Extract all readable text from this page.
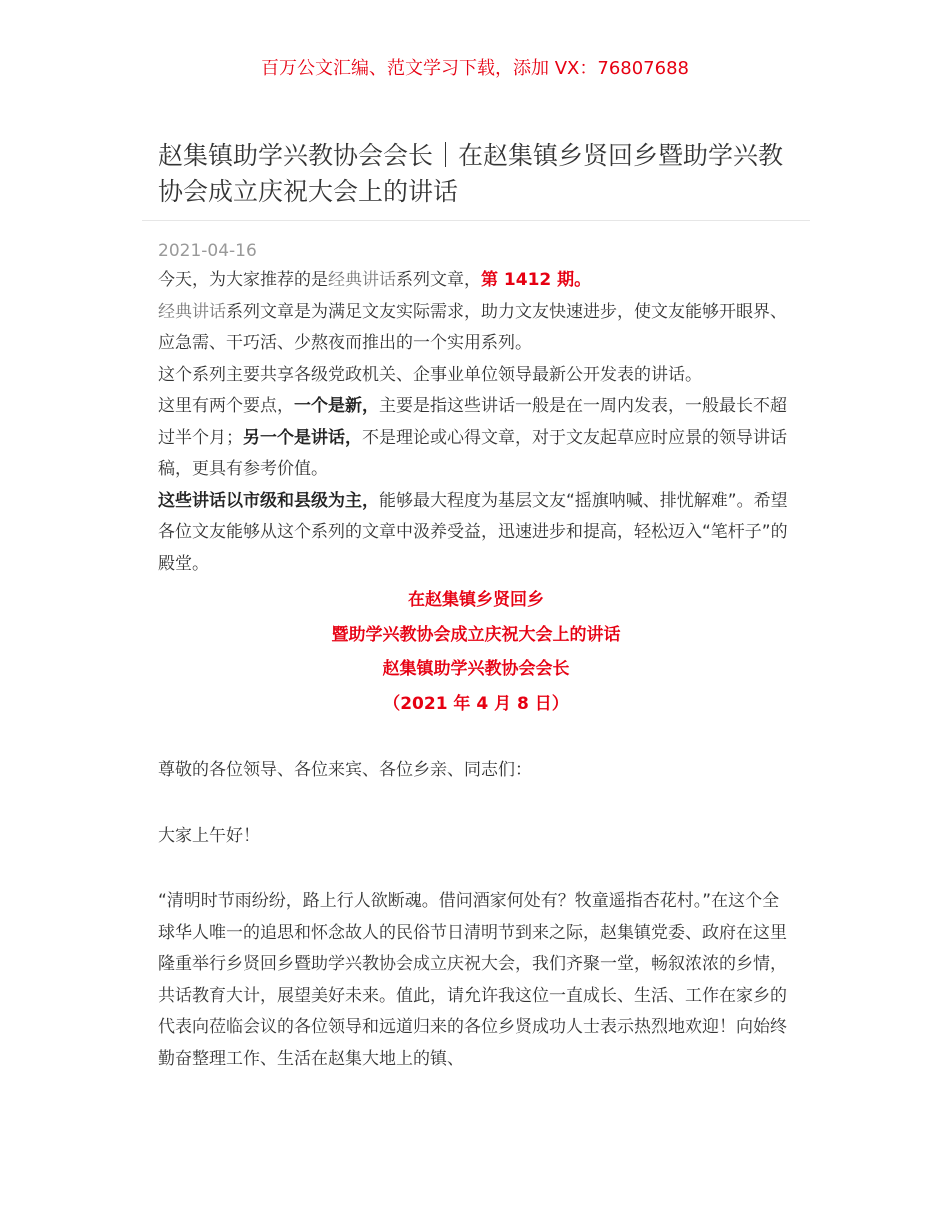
百万公文汇编、范文学习下载，添加 VX：76807688
赵集镇助学兴教协会会长｜在赵集镇乡贤回乡暨助学兴教协会成立庆祝大会上的讲话
2021-04-16

今天，为大家推荐的是经典讲话系列文章，第 1412 期。

经典讲话系列文章是为满足文友实际需求，助力文友快速进步，使文友能够开眼界、应急需、干巧活、少熬夜而推出的一个实用系列。

这个系列主要共享各级党政机关、企事业单位领导最新公开发表的讲话。

这里有两个要点，一个是新，主要是指这些讲话一般是在一周内发表，一般最长不超过半个月；另一个是讲话，不是理论或心得文章，对于文友起草应时应景的领导讲话稿，更具有参考价值。

这些讲话以市级和县级为主，能够最大程度为基层文友“摇旗呐喊、排忧解难”。希望各位文友能够从这个系列的文章中汲养受益，迅速进步和提高，轻松迈入“笔杆子”的殿堂。

在赵集镇乡贤回乡

暨助学兴教协会成立庆祝大会上的讲话

赵集镇助学兴教协会会长

（2021 年 4 月 8 日）

尊敬的各位领导、各位来宾、各位乡亲、同志们：

大家上午好！

“清明时节雨纷纷，路上行人欲断魂。借问酒家何处有？牧童遥指杏花村。”在这个全球华人唯一的追思和怀念故人的民俗节日清明节到来之际，赵集镇党委、政府在这里隆重举行乡贤回乡暨助学兴教协会成立庆祝大会，我们齐聚一堂，畅叙浓浓的乡情，共话教育大计，展望美好未来。值此，请允许我这位一直成长、生活、工作在家乡的代表向莅临会议的各位领导和远道归来的各位乡贤成功人士表示热烈地欢迎！向始终勤奋整理工作、生活在赵集大地上的镇、
